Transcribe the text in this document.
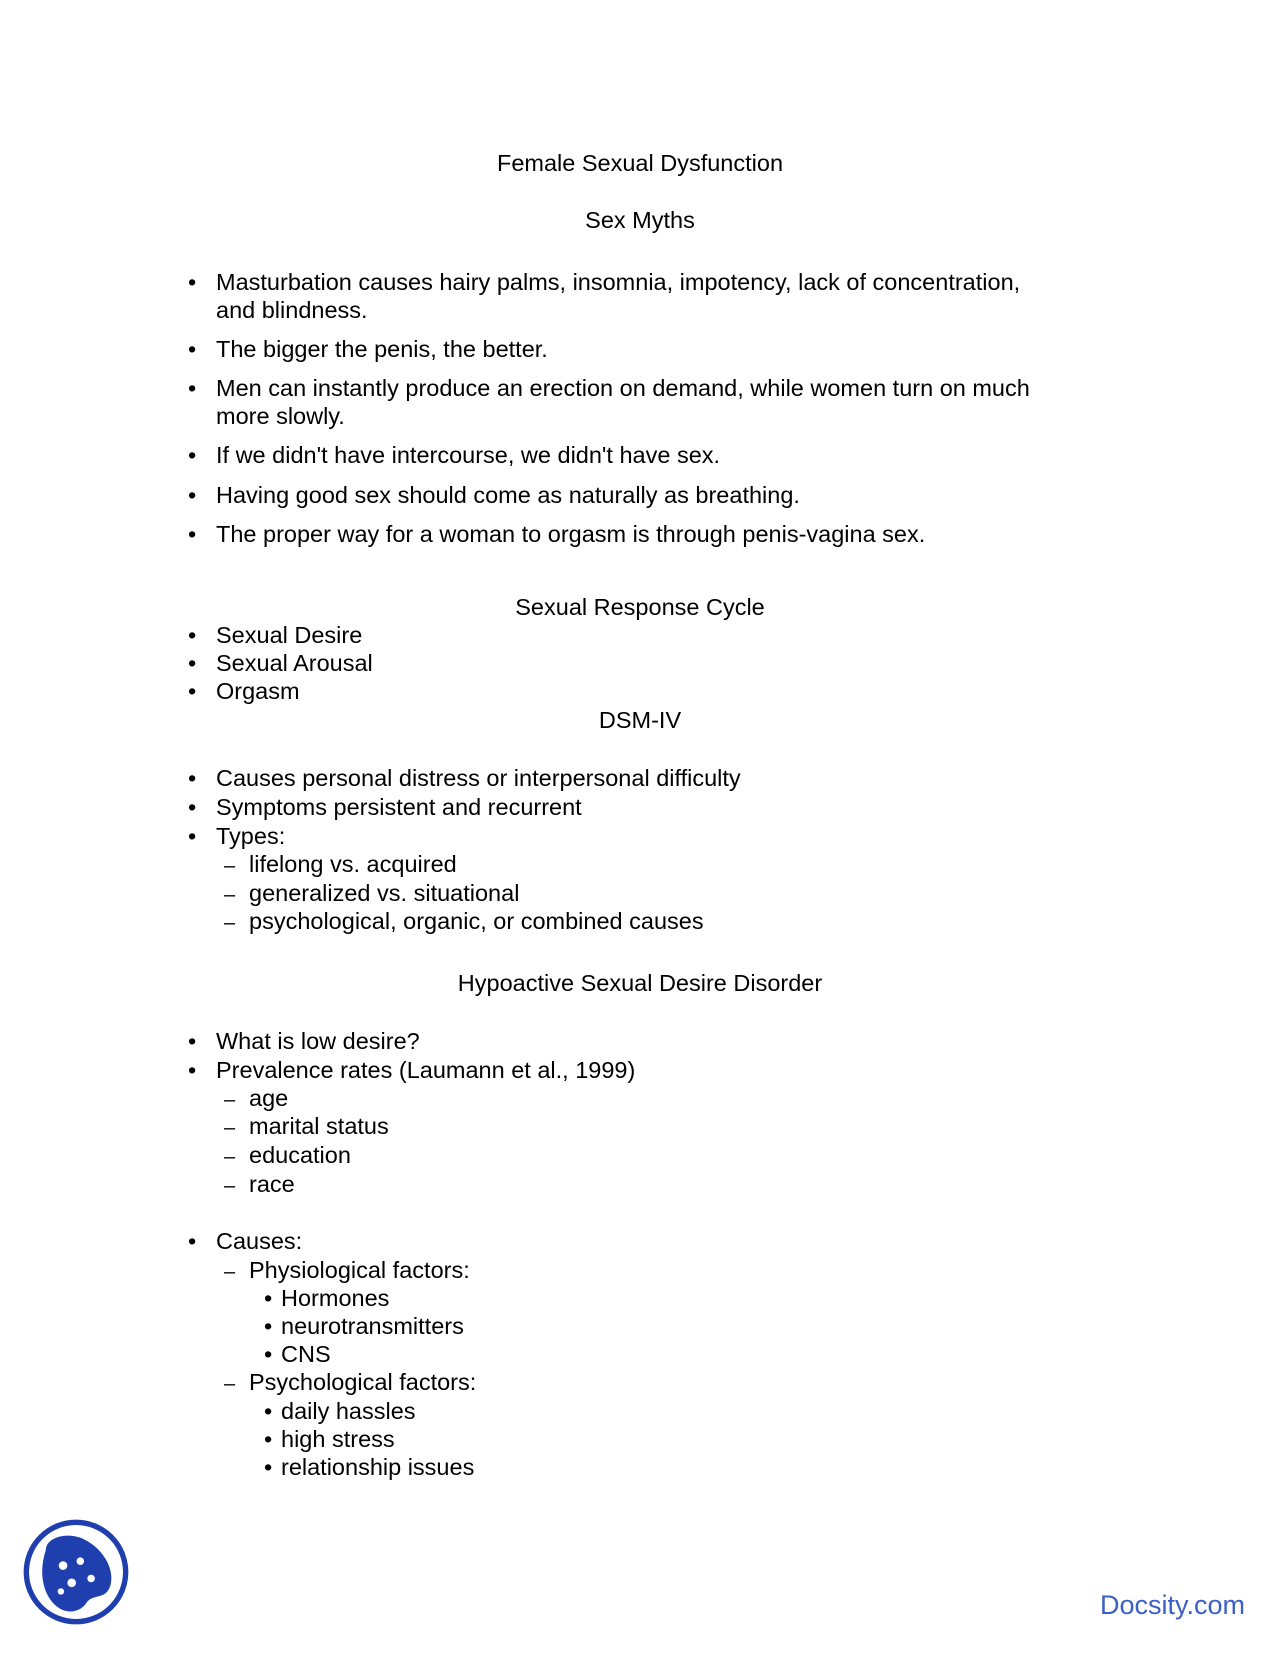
Female Sexual Dysfunction
Sex Myths
• Masturbation causes hairy palms, insomnia, impotency, lack of concentration,
and blindness.
• The bigger the penis, the better.
• Men can instantly produce an erection on demand, while women turn on much
more slowly.
• If we didn't have intercourse, we didn't have sex.
• Having good sex should come as naturally as breathing.
• The proper way for a woman to orgasm is through penis-vagina sex.
Sexual Response Cycle
• Sexual Desire
• Sexual Arousal
• Orgasm
DSM-IV
• Causes personal distress or interpersonal difficulty
• Symptoms persistent and recurrent
• Types:
– lifelong vs. acquired
– generalized vs. situational
– psychological, organic, or combined causes
Hypoactive Sexual Desire Disorder
• What is low desire?
• Prevalence rates (Laumann et al., 1999)
– age
– marital status
– education
– race
• Causes:
– Physiological factors:
• Hormones
• neurotransmitters
• CNS
– Psychological factors:
• daily hassles
• high stress
• relationship issues
Docsity.com
